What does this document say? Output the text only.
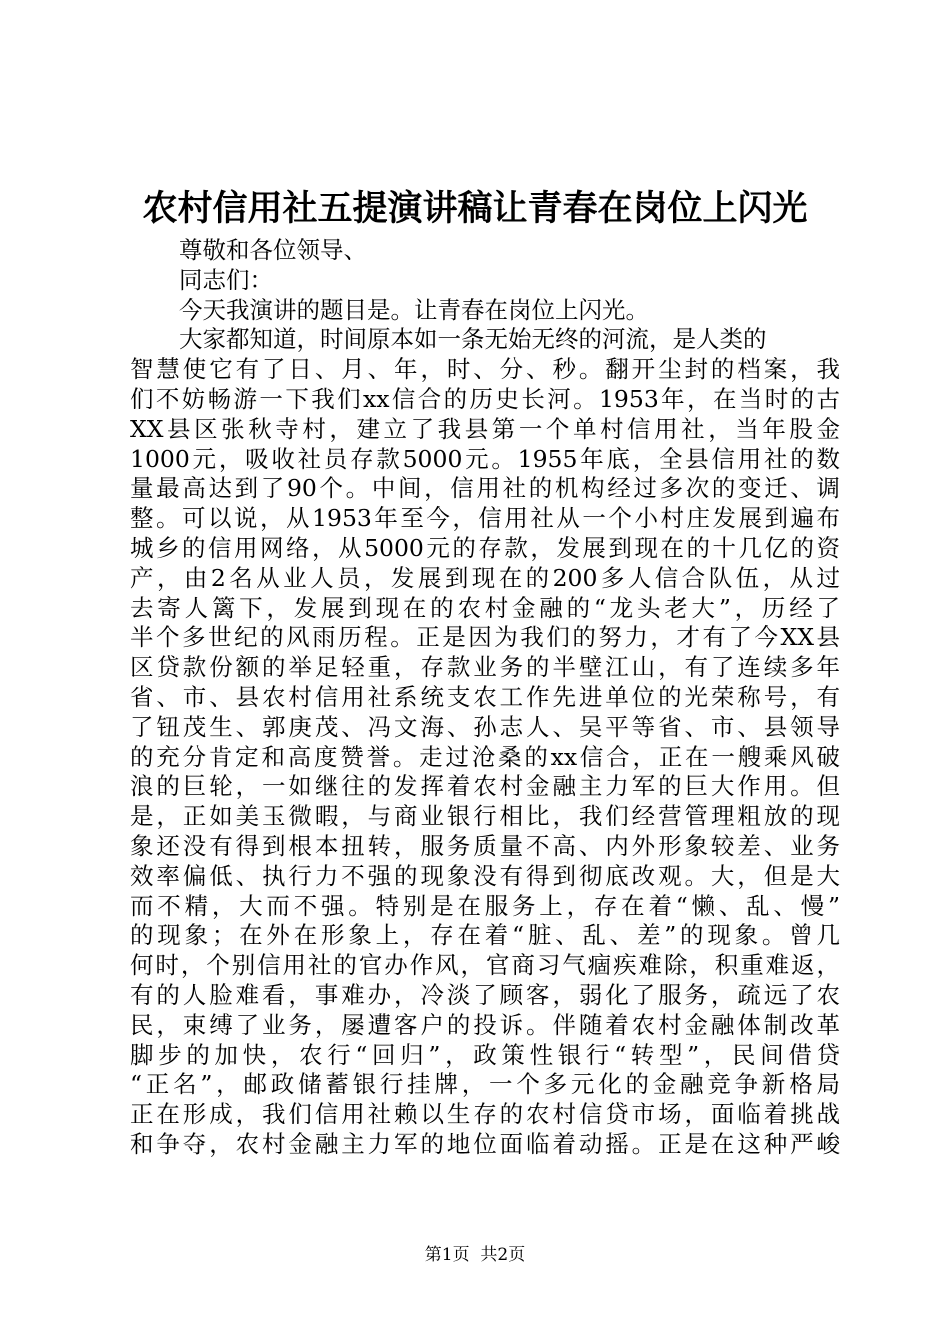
农村信用社五提演讲稿让青春在岗位上闪光
尊敬和各位领导、
同志们：
今天我演讲的题目是。让青春在岗位上闪光。
大家都知道，时间原本如一条无始无终的河流，是人类的
智慧使它有了日、月、年，时、分、秒。翻开尘封的档案，我
们不妨畅游一下我们xx信合的历史长河。1953年，在当时的古
XX县区张秋寺村，建立了我县第一个单村信用社，当年股金
1000元，吸收社员存款5000元。1955年底，全县信用社的数
量最高达到了90个。中间，信用社的机构经过多次的变迁、调
整。可以说，从1953年至今，信用社从一个小村庄发展到遍布
城乡的信用网络，从5000元的存款，发展到现在的十几亿的资
产，由2名从业人员，发展到现在的200多人信合队伍，从过
去寄人篱下，发展到现在的农村金融的“龙头老大”，历经了
半个多世纪的风雨历程。正是因为我们的努力，才有了今XX县
区贷款份额的举足轻重，存款业务的半壁江山，有了连续多年
省、市、县农村信用社系统支农工作先进单位的光荣称号，有
了钮茂生、郭庚茂、冯文海、孙志人、吴平等省、市、县领导
的充分肯定和高度赞誉。走过沧桑的xx信合，正在一艘乘风破
浪的巨轮，一如继往的发挥着农村金融主力军的巨大作用。但
是，正如美玉微暇，与商业银行相比，我们经营管理粗放的现
象还没有得到根本扭转，服务质量不高、内外形象较差、业务
效率偏低、执行力不强的现象没有得到彻底改观。大，但是大
而不精，大而不强。特别是在服务上，存在着“懒、乱、慢”
的现象；在外在形象上，存在着“脏、乱、差”的现象。曾几
何时，个别信用社的官办作风，官商习气痼疾难除，积重难返，
有的人脸难看，事难办，冷淡了顾客，弱化了服务，疏远了农
民，束缚了业务，屡遭客户的投诉。伴随着农村金融体制改革
脚步的加快，农行“回归”，政策性银行“转型”，民间借贷
“正名”，邮政储蓄银行挂牌，一个多元化的金融竞争新格局
正在形成，我们信用社赖以生存的农村信贷市场，面临着挑战
和争夺，农村金融主力军的地位面临着动摇。正是在这种严峻
第1页  共2页
